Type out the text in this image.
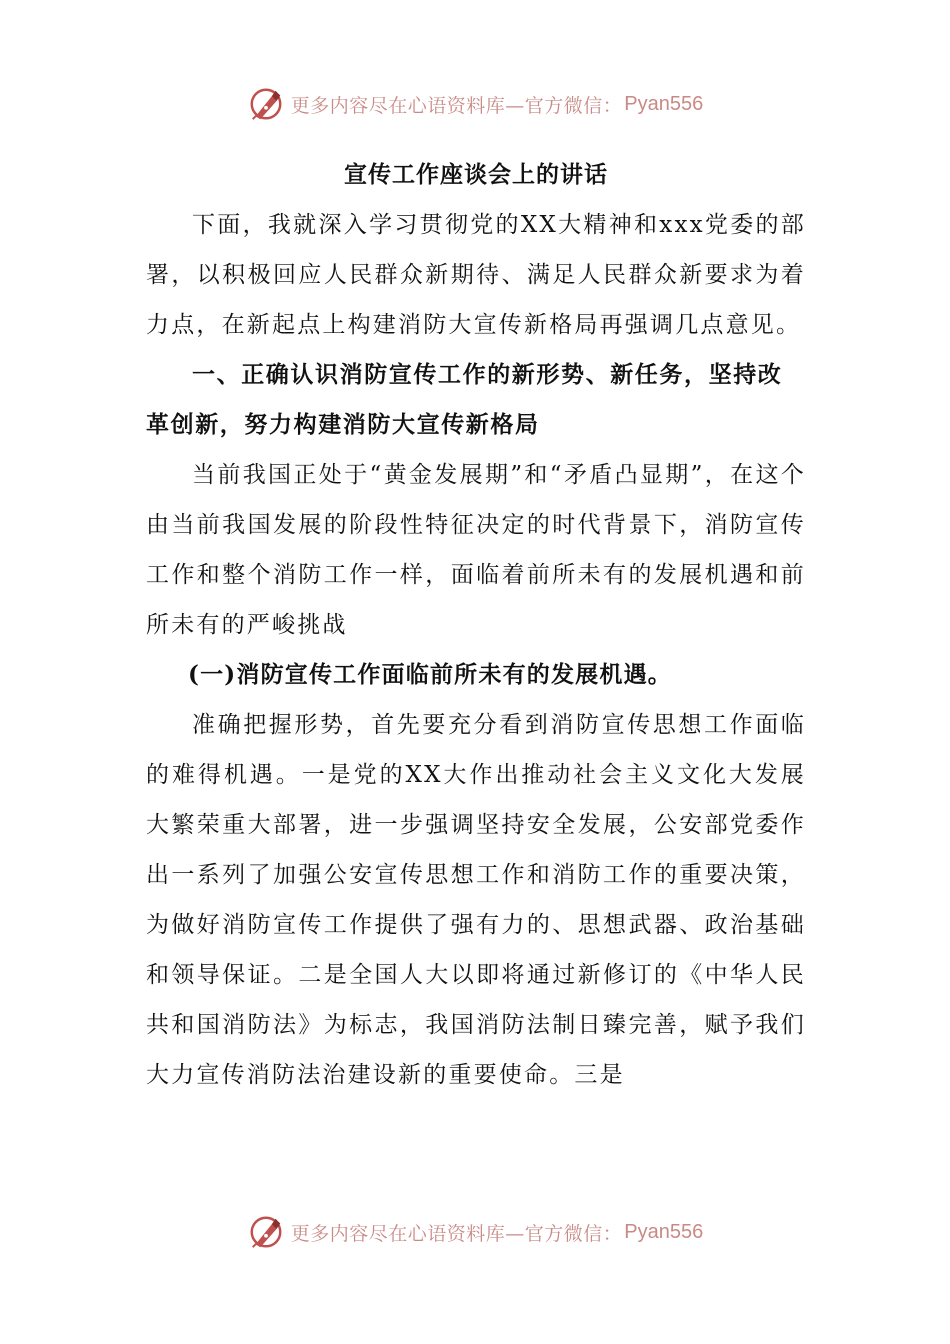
更多内容尽在心语资料库—官方微信： Pyan556

宣传工作座谈会上的讲话

下面，我就深入学习贯彻党的XX大精神和xxx党委的部署，以积极回应人民群众新期待、满足人民群众新要求为着力点，在新起点上构建消防大宣传新格局再强调几点意见。

一、正确认识消防宣传工作的新形势、新任务，坚持改革创新，努力构建消防大宣传新格局

当前我国正处于“黄金发展期”和“矛盾凸显期”，在这个由当前我国发展的阶段性特征决定的时代背景下，消防宣传工作和整个消防工作一样，面临着前所未有的发展机遇和前所未有的严峻挑战

(一)消防宣传工作面临前所未有的发展机遇。

准确把握形势，首先要充分看到消防宣传思想工作面临的难得机遇。一是党的XX大作出推动社会主义文化大发展大繁荣重大部署，进一步强调坚持安全发展，公安部党委作出一系列了加强公安宣传思想工作和消防工作的重要决策，为做好消防宣传工作提供了强有力的、思想武器、政治基础和领导保证。二是全国人大以即将通过新修订的《中华人民共和国消防法》为标志，我国消防法制日臻完善，赋予我们大力宣传消防法治建设新的重要使命。三是

更多内容尽在心语资料库—官方微信： Pyan556
